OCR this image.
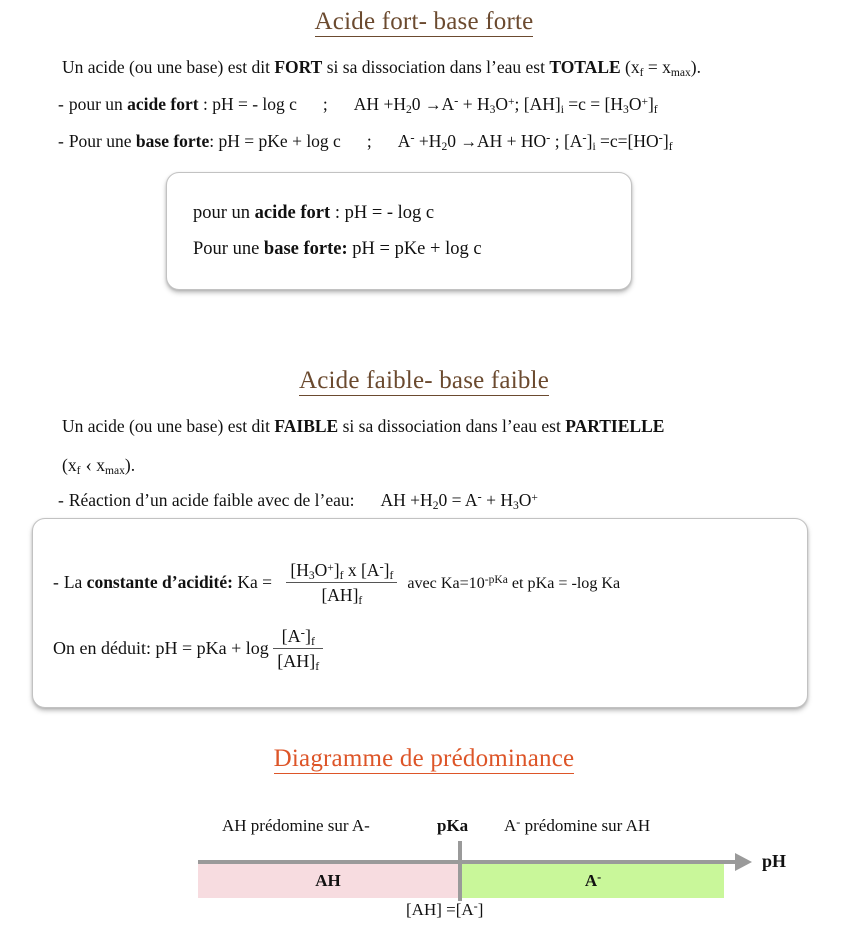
Acide fort- base forte
Un acide (ou une base) est dit FORT si sa dissociation dans l’eau est TOTALE $(x_f = x_{max})$.
- pour un acide fort : pH = - log c ; AH $+H_20 \to A^- + H_3O^+$; $[AH]_i =c = [H_3O^+]_f$
- Pour une base forte: pH = pKe + log c ; $A^- +H_20 \to AH + HO^-$ ; $[A^-]_i =c=[HO^-]_f$
pour un acide fort : pH = - log c
Pour une base forte: pH = pKe + log c
Acide faible- base faible
Un acide (ou une base) est dit FAIBLE si sa dissociation dans l’eau est PARTIELLE
($x_f$ ‹ $x_{max}$).
- Réaction d’un acide faible avec de l’eau: AH $+H_20 = A^- + H_3O^+$
- La constante d’acidité: $Ka = \frac{[H_3O^+]_f x [A^-]_f}{[AH]_f}$ avec $Ka=10^{-pKa}$ et pKa = -log Ka
On en déduit: pH = pKa + $\log \frac{[A^-]_f}{[AH]_f}$
Diagramme de prédominance
AH prédomine sur A-	pKa A- prédomine sur AH
AH	A-
[AH] =[A-]
pH
